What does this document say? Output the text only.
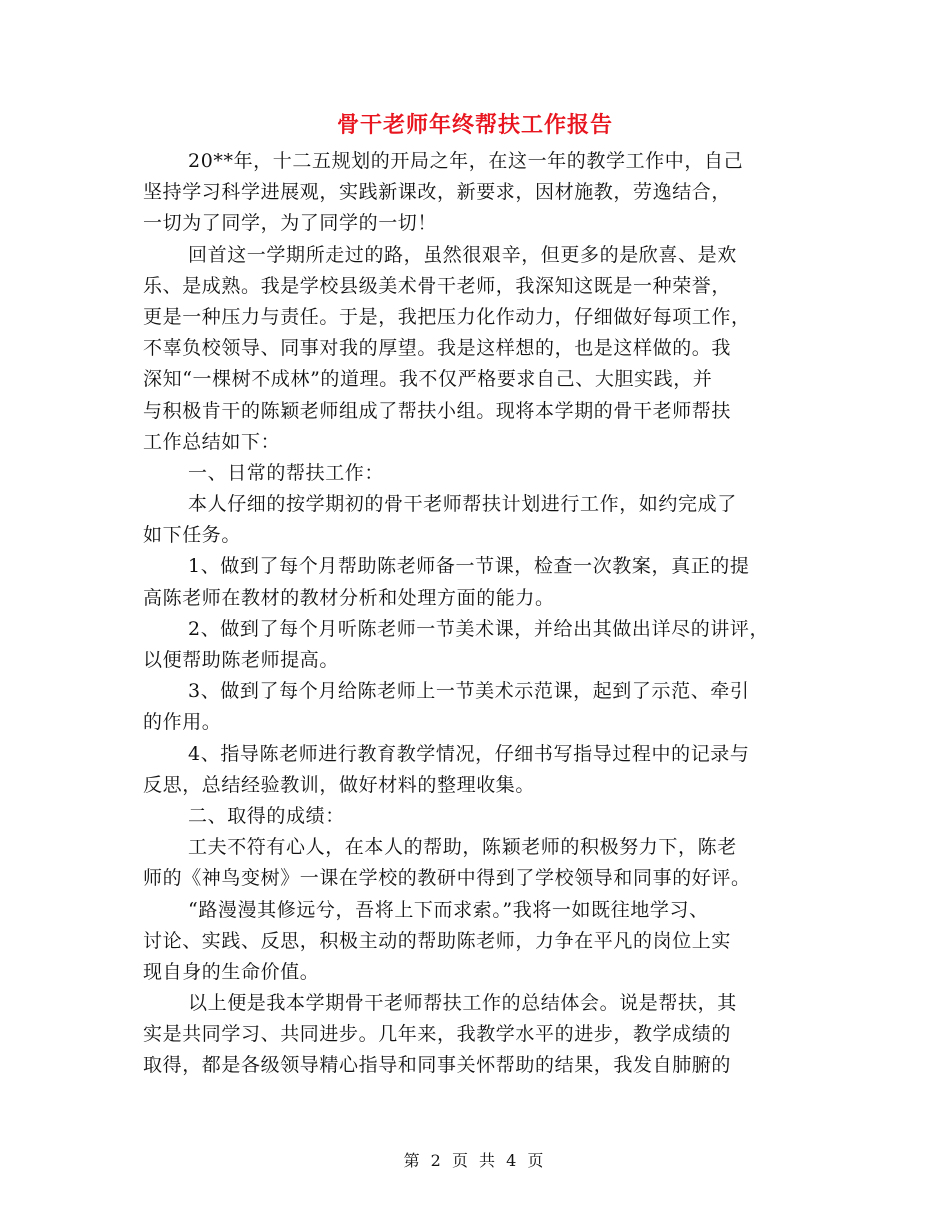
骨干老师年终帮扶工作报告
20**年，十二五规划的开局之年，在这一年的教学工作中，自己
坚持学习科学进展观，实践新课改，新要求，因材施教，劳逸结合，
一切为了同学，为了同学的一切！
回首这一学期所走过的路，虽然很艰辛，但更多的是欣喜、是欢
乐、是成熟。我是学校县级美术骨干老师，我深知这既是一种荣誉，
更是一种压力与责任。于是，我把压力化作动力，仔细做好每项工作，
不辜负校领导、同事对我的厚望。我是这样想的，也是这样做的。我
深知“一棵树不成林”的道理。我不仅严格要求自己、大胆实践，并
与积极肯干的陈颖老师组成了帮扶小组。现将本学期的骨干老师帮扶
工作总结如下：
一、日常的帮扶工作：
本人仔细的按学期初的骨干老师帮扶计划进行工作，如约完成了
如下任务。
1、做到了每个月帮助陈老师备一节课，检查一次教案，真正的提
高陈老师在教材的教材分析和处理方面的能力。
2、做到了每个月听陈老师一节美术课，并给出其做出详尽的讲评，
以便帮助陈老师提高。
3、做到了每个月给陈老师上一节美术示范课，起到了示范、牵引
的作用。
4、指导陈老师进行教育教学情况，仔细书写指导过程中的记录与
反思，总结经验教训，做好材料的整理收集。
二、取得的成绩：
工夫不符有心人，在本人的帮助，陈颖老师的积极努力下，陈老
师的《神鸟变树》一课在学校的教研中得到了学校领导和同事的好评。
“路漫漫其修远兮，吾将上下而求索。”我将一如既往地学习、
讨论、实践、反思，积极主动的帮助陈老师，力争在平凡的岗位上实
现自身的生命价值。
以上便是我本学期骨干老师帮扶工作的总结体会。说是帮扶，其
实是共同学习、共同进步。几年来，我教学水平的进步，教学成绩的
取得，都是各级领导精心指导和同事关怀帮助的结果，我发自肺腑的
第 2 页 共 4 页
